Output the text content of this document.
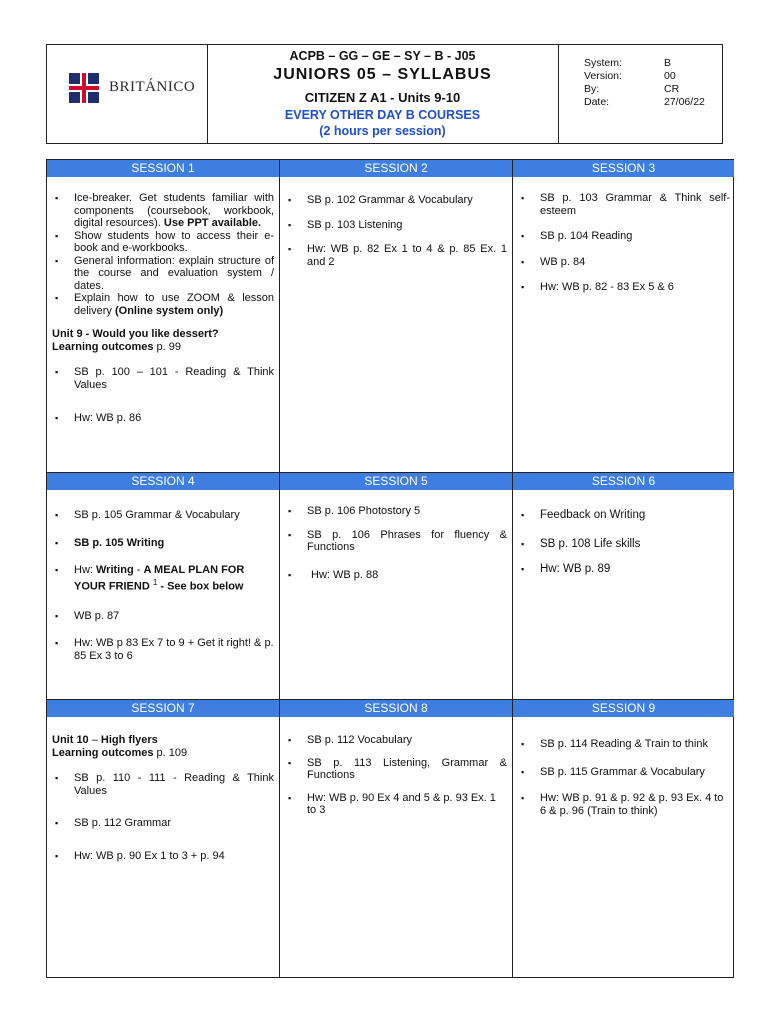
BRITÁNICO
ACPB – GG – GE – SY – B - J05
JUNIORS 05 – SYLLABUS
CITIZEN Z A1 - Units 9-10
EVERY OTHER DAY B COURSES
(2 hours per session)
System:	B
Version:	00
By:	CR
Date:	27/06/22
SESSION 1	SESSION 2	SESSION 3
▪ Ice-breaker. Get students familiar with components (coursebook, workbook, digital resources). Use PPT available.
▪ Show students how to access their e-book and e-workbooks.
▪ General information: explain structure of the course and evaluation system / dates.
▪ Explain how to use ZOOM & lesson delivery (Online system only)
Unit 9 - Would you like dessert?
Learning outcomes p. 99
▪ SB p. 100 – 101 - Reading & Think Values
▪ Hw: WB p. 86
▪ SB p. 102 Grammar & Vocabulary
▪ SB p. 103 Listening
▪ Hw: WB p. 82 Ex 1 to 4 & p. 85 Ex. 1 and 2
▪ SB p. 103 Grammar & Think self-esteem
▪ SB p. 104 Reading
▪ WB p. 84
▪ Hw: WB p. 82 - 83 Ex 5 & 6
SESSION 4	SESSION 5	SESSION 6
▪ SB p. 105 Grammar & Vocabulary
▪ SB p. 105 Writing
▪ Hw: Writing - A MEAL PLAN FOR YOUR FRIEND $^1$ - See box below
▪ WB p. 87
▪ Hw: WB p 83 Ex 7 to 9 + Get it right! & p. 85 Ex 3 to 6
▪ SB p. 106 Photostory 5
▪ SB p. 106 Phrases for fluency & Functions
▪ Hw: WB p. 88
▪ Feedback on Writing
▪ SB p. 108 Life skills
▪ Hw: WB p. 89
SESSION 7	SESSION 8	SESSION 9
Unit 10 – High flyers
Learning outcomes p. 109
▪ SB p. 110 - 111 - Reading & Think Values
▪ SB p. 112 Grammar
▪ Hw: WB p. 90 Ex 1 to 3 + p. 94
▪ SB p. 112 Vocabulary
▪ SB p. 113 Listening, Grammar & Functions
▪ Hw: WB p. 90 Ex 4 and 5 & p. 93 Ex. 1 to 3
▪ SB p. 114 Reading & Train to think
▪ SB p. 115 Grammar & Vocabulary
▪ Hw: WB p. 91 & p. 92 & p. 93 Ex. 4 to 6 & p. 96 (Train to think)
